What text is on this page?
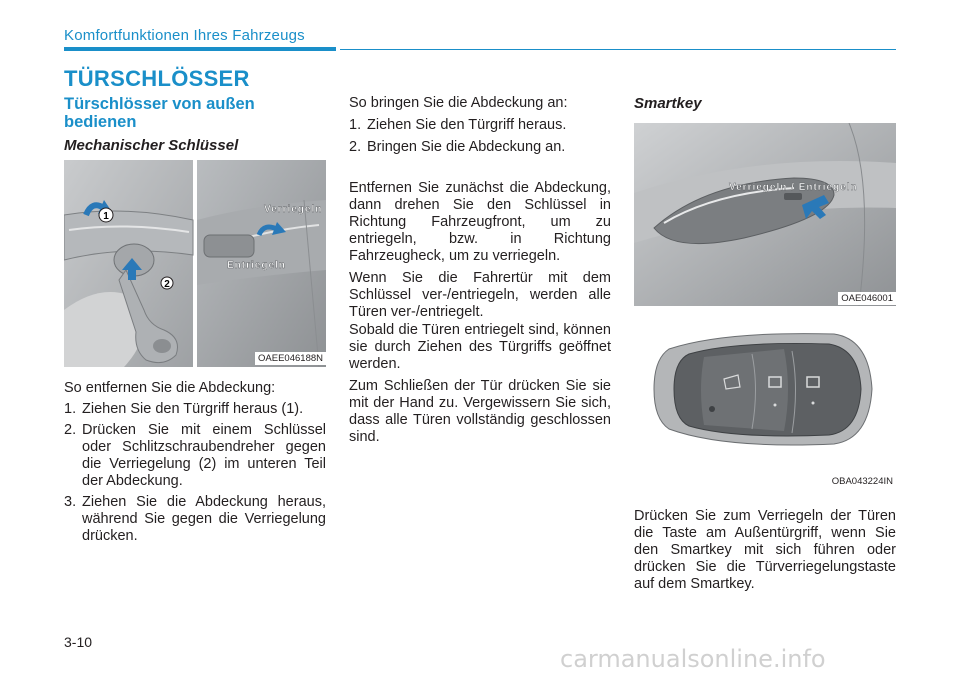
Komfortfunktionen Ihres Fahrzeugs
TÜRSCHLÖSSER
Türschlösser von außen bedienen
Mechanischer Schlüssel
1
2
Verriegeln
Entriegeln
OAEE046188N
So entfernen Sie die Abdeckung:
1. Ziehen Sie den Türgriff heraus (1).
2. Drücken Sie mit einem Schlüssel oder Schlitzschraubendreher gegen die Verriegelung (2) im unteren Teil der Abdeckung.
3. Ziehen Sie die Abdeckung heraus, während Sie gegen die Verriegelung drücken.
So bringen Sie die Abdeckung an:
1. Ziehen Sie den Türgriff heraus.
2. Bringen Sie die Abdeckung an.
Entfernen Sie zunächst die Abdeckung, dann drehen Sie den Schlüssel in Richtung Fahrzeugfront, um zu entriegeln, bzw. in Richtung Fahrzeugheck, um zu verriegeln.
Wenn Sie die Fahrertür mit dem Schlüssel ver-/entriegeln, werden alle Türen ver-/entriegelt.
Sobald die Türen entriegelt sind, können sie durch Ziehen des Türgriffs geöffnet werden.
Zum Schließen der Tür drücken Sie sie mit der Hand zu. Vergewissern Sie sich, dass alle Türen vollständig geschlossen sind.
Smartkey
Verriegeln / Entriegeln
OAE046001
OBA043224IN
Drücken Sie zum Verriegeln der Türen die Taste am Außentürgriff, wenn Sie den Smartkey mit sich führen oder drücken Sie die Türverriegelungstaste auf dem Smartkey.
3-10
carmanualsonline.info
